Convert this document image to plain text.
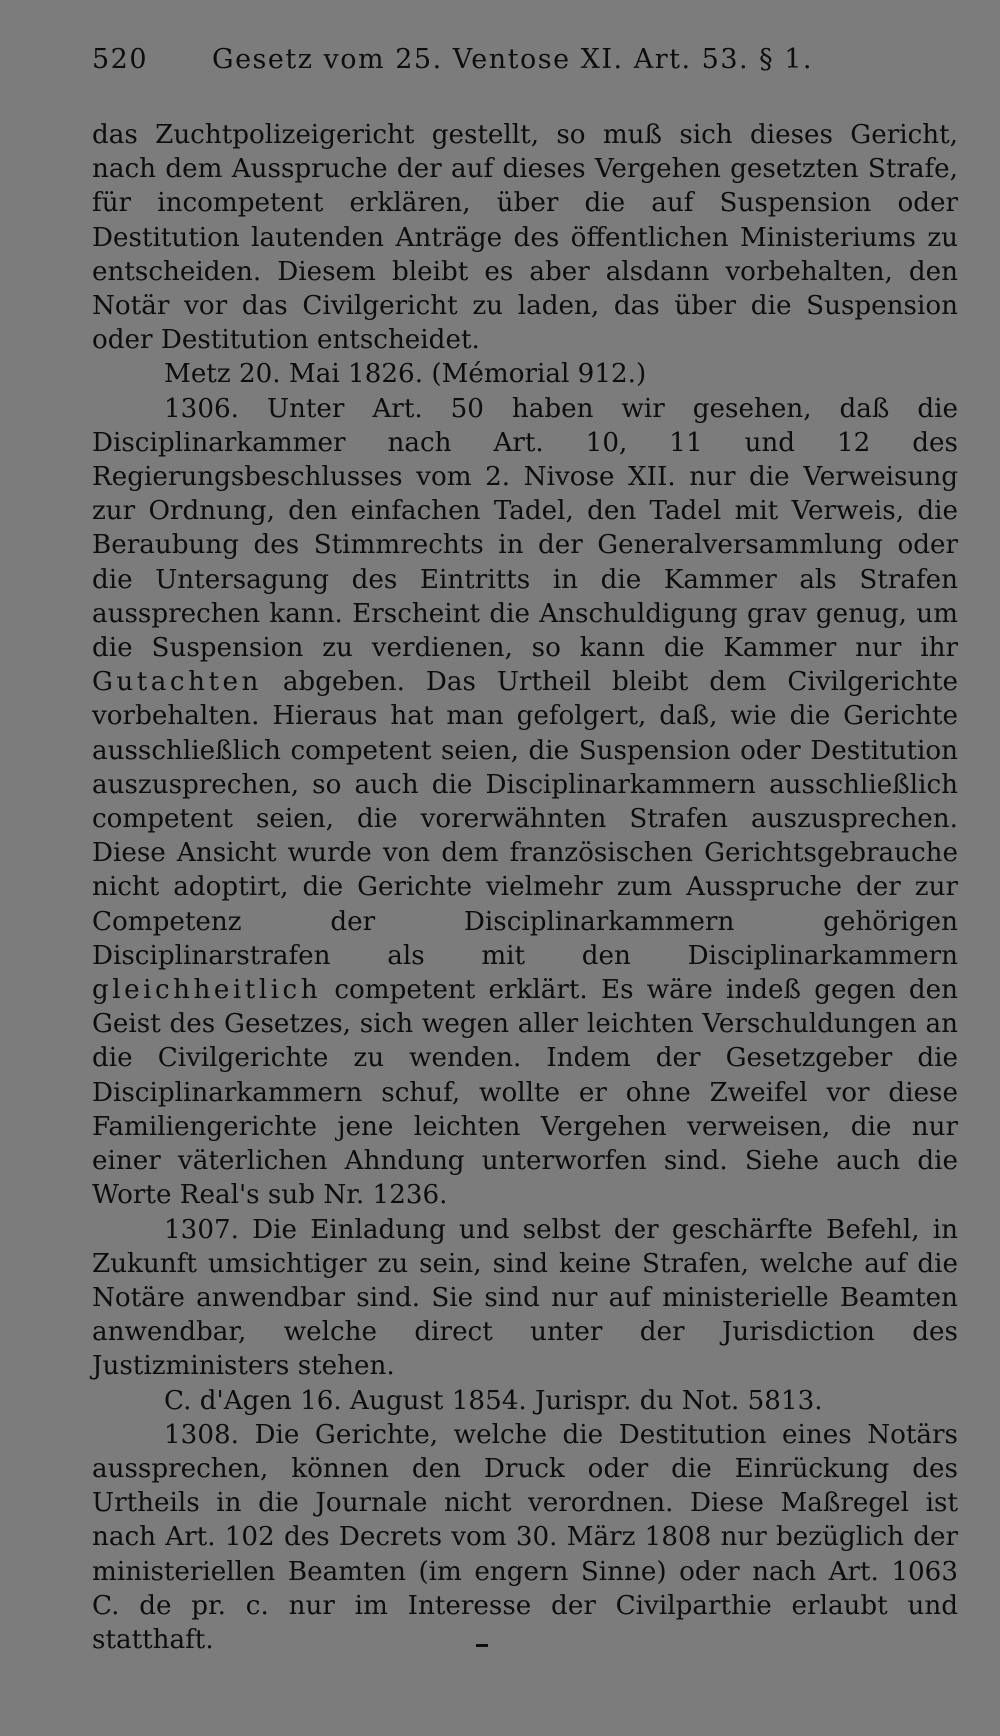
520	Gesetz vom 25. Ventose XI. Art. 53. § 1.

das Zuchtpolizeigericht gestellt, so muß sich dieses Gericht, nach dem Ausspruche der auf dieses Vergehen gesetzten Strafe, für incompetent erklären, über die auf Suspension oder Destitution lautenden Anträge des öffentlichen Ministeriums zu entscheiden. Diesem bleibt es aber alsdann vorbehalten, den Notär vor das Civilgericht zu laden, das über die Suspension oder Destitution entscheidet.

Metz 20. Mai 1826. (Mémorial 912.)

1306. Unter Art. 50 haben wir gesehen, daß die Disciplinarkammer nach Art. 10, 11 und 12 des Regierungsbeschlusses vom 2. Nivose XII. nur die Verweisung zur Ordnung, den einfachen Tadel, den Tadel mit Verweis, die Beraubung des Stimmrechts in der Generalversammlung oder die Untersagung des Eintritts in die Kammer als Strafen aussprechen kann. Erscheint die Anschuldigung grav genug, um die Suspension zu verdienen, so kann die Kammer nur ihr Gutachten abgeben. Das Urtheil bleibt dem Civilgerichte vorbehalten. Hieraus hat man gefolgert, daß, wie die Gerichte ausschließlich competent seien, die Suspension oder Destitution auszusprechen, so auch die Disciplinarkammern ausschließlich competent seien, die vorerwähnten Strafen auszusprechen. Diese Ansicht wurde von dem französischen Gerichtsgebrauche nicht adoptirt, die Gerichte vielmehr zum Ausspruche der zur Competenz der Disciplinarkammern gehörigen Disciplinarstrafen als mit den Disciplinarkammern gleichheitlich competent erklärt. Es wäre indeß gegen den Geist des Gesetzes, sich wegen aller leichten Verschuldungen an die Civilgerichte zu wenden. Indem der Gesetzgeber die Disciplinarkammern schuf, wollte er ohne Zweifel vor diese Familiengerichte jene leichten Vergehen verweisen, die nur einer väterlichen Ahndung unterworfen sind. Siehe auch die Worte Real's sub Nr. 1236.

1307. Die Einladung und selbst der geschärfte Befehl, in Zukunft umsichtiger zu sein, sind keine Strafen, welche auf die Notäre anwendbar sind. Sie sind nur auf ministerielle Beamten anwendbar, welche direct unter der Jurisdiction des Justizministers stehen.

C. d'Agen 16. August 1854. Jurispr. du Not. 5813.

1308. Die Gerichte, welche die Destitution eines Notärs aussprechen, können den Druck oder die Einrückung des Urtheils in die Journale nicht verordnen. Diese Maßregel ist nach Art. 102 des Decrets vom 30. März 1808 nur bezüglich der ministeriellen Beamten (im engern Sinne) oder nach Art. 1063 C. de pr. c. nur im Interesse der Civilparthie erlaubt und statthaft.
